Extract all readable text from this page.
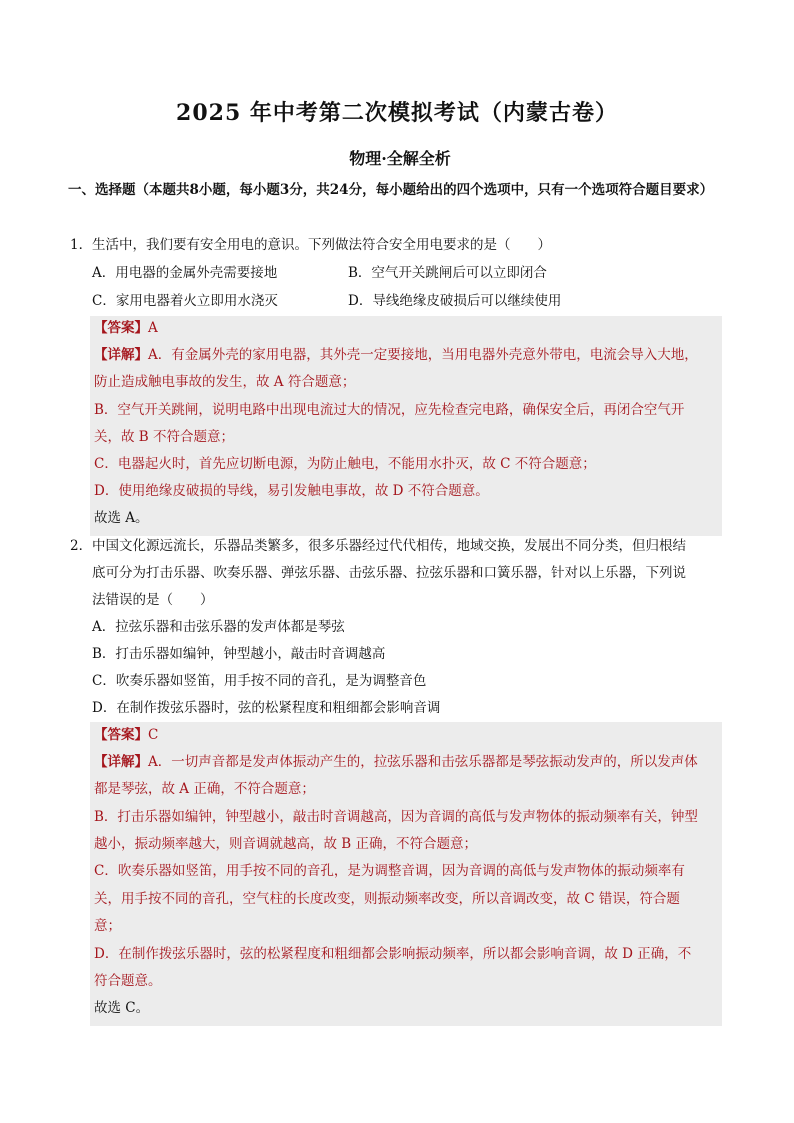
2025 年中考第二次模拟考试（内蒙古卷）
物理·全解全析
一、选择题（本题共8小题，每小题3分，共24分，每小题给出的四个选项中，只有一个选项符合题目要求）
1． 生活中，我们要有安全用电的意识。下列做法符合安全用电要求的是（　　）
A．用电器的金属外壳需要接地	B．空气开关跳闸后可以立即闭合
C．家用电器着火立即用水浇灭	D．导线绝缘皮破损后可以继续使用
【答案】A
【详解】A．有金属外壳的家用电器，其外壳一定要接地，当用电器外壳意外带电，电流会导入大地，
防止造成触电事故的发生，故 A 符合题意；
B．空气开关跳闸，说明电路中出现电流过大的情况，应先检查完电路，确保安全后，再闭合空气开
关，故 B 不符合题意；
C．电器起火时，首先应切断电源，为防止触电，不能用水扑灭，故 C 不符合题意；
D．使用绝缘皮破损的导线，易引发触电事故，故 D 不符合题意。
故选 A。
2． 中国文化源远流长，乐器品类繁多，很多乐器经过代代相传，地域交换，发展出不同分类，但归根结
底可分为打击乐器、吹奏乐器、弹弦乐器、击弦乐器、拉弦乐器和口簧乐器，针对以上乐器，下列说
法错误的是（　　）
A．拉弦乐器和击弦乐器的发声体都是琴弦
B．打击乐器如编钟，钟型越小，敲击时音调越高
C．吹奏乐器如竖笛，用手按不同的音孔，是为调整音色
D．在制作拨弦乐器时，弦的松紧程度和粗细都会影响音调
【答案】C
【详解】A．一切声音都是发声体振动产生的，拉弦乐器和击弦乐器都是琴弦振动发声的，所以发声体
都是琴弦，故 A 正确，不符合题意；
B．打击乐器如编钟，钟型越小，敲击时音调越高，因为音调的高低与发声物体的振动频率有关，钟型
越小，振动频率越大，则音调就越高，故 B 正确，不符合题意；
C．吹奏乐器如竖笛，用手按不同的音孔，是为调整音调，因为音调的高低与发声物体的振动频率有
关，用手按不同的音孔，空气柱的长度改变，则振动频率改变，所以音调改变，故 C 错误，符合题
意；
D．在制作拨弦乐器时，弦的松紧程度和粗细都会影响振动频率，所以都会影响音调，故 D 正确，不
符合题意。
故选 C。
